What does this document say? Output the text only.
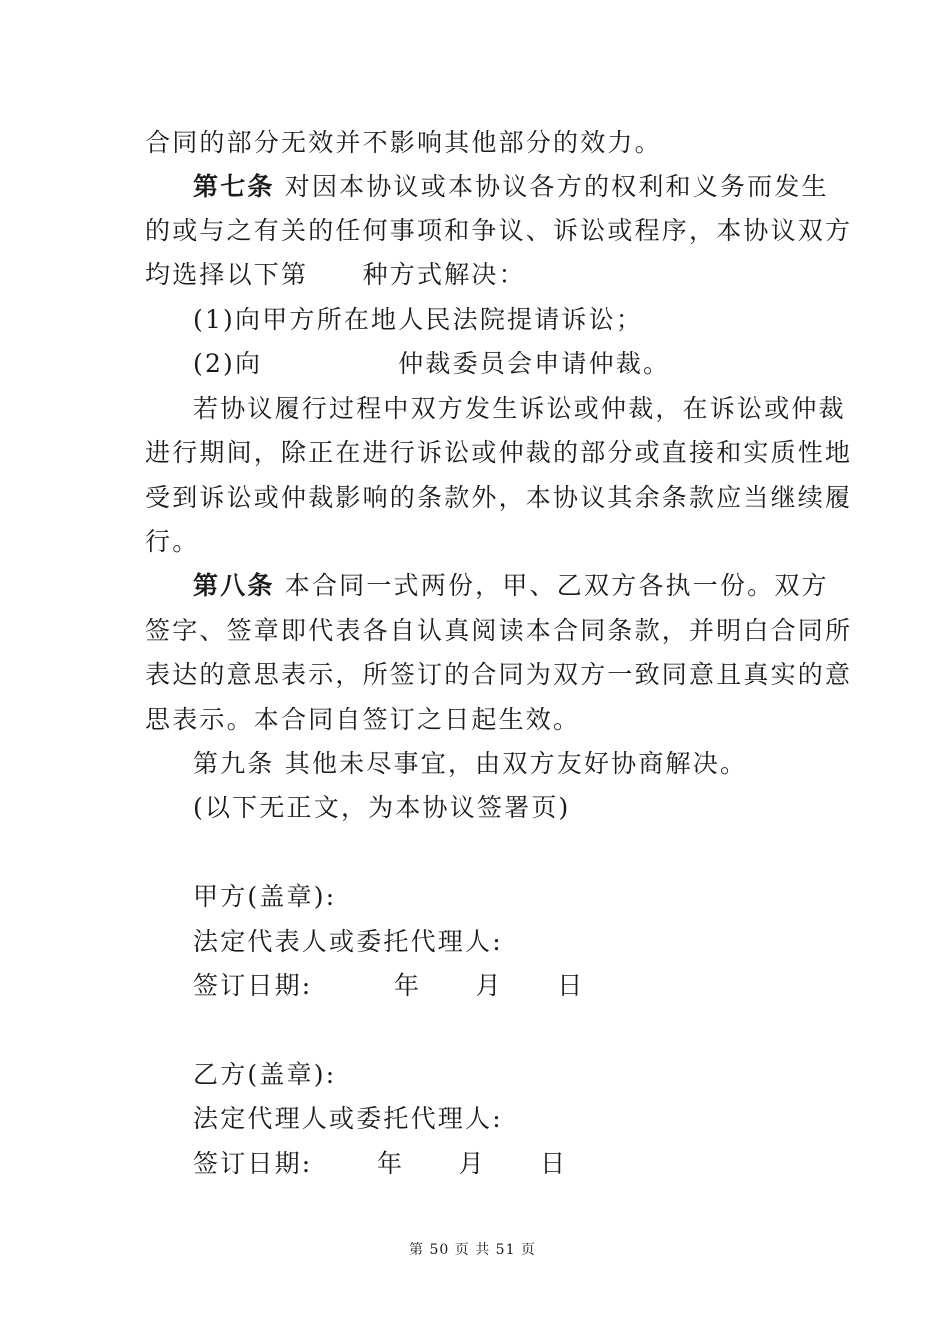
合同的部分无效并不影响其他部分的效力。
第七条 对因本协议或本协议各方的权利和义务而发生
的或与之有关的任何事项和争议、诉讼或程序，本协议双方
均选择以下第　　种方式解决：
(1)向甲方所在地人民法院提请诉讼；
(2)向　　　　　仲裁委员会申请仲裁。
若协议履行过程中双方发生诉讼或仲裁，在诉讼或仲裁
进行期间，除正在进行诉讼或仲裁的部分或直接和实质性地
受到诉讼或仲裁影响的条款外，本协议其余条款应当继续履
行。
第八条 本合同一式两份，甲、乙双方各执一份。双方
签字、签章即代表各自认真阅读本合同条款，并明白合同所
表达的意思表示，所签订的合同为双方一致同意且真实的意
思表示。本合同自签订之日起生效。
第九条 其他未尽事宜，由双方友好协商解决。
(以下无正文，为本协议签署页)
甲方(盖章):
法定代表人或委托代理人:
签订日期:　　　年　　月　　日
乙方(盖章):
法定代理人或委托代理人:
签订日期:　　 年　　月　　日
第 50 页 共 51 页
